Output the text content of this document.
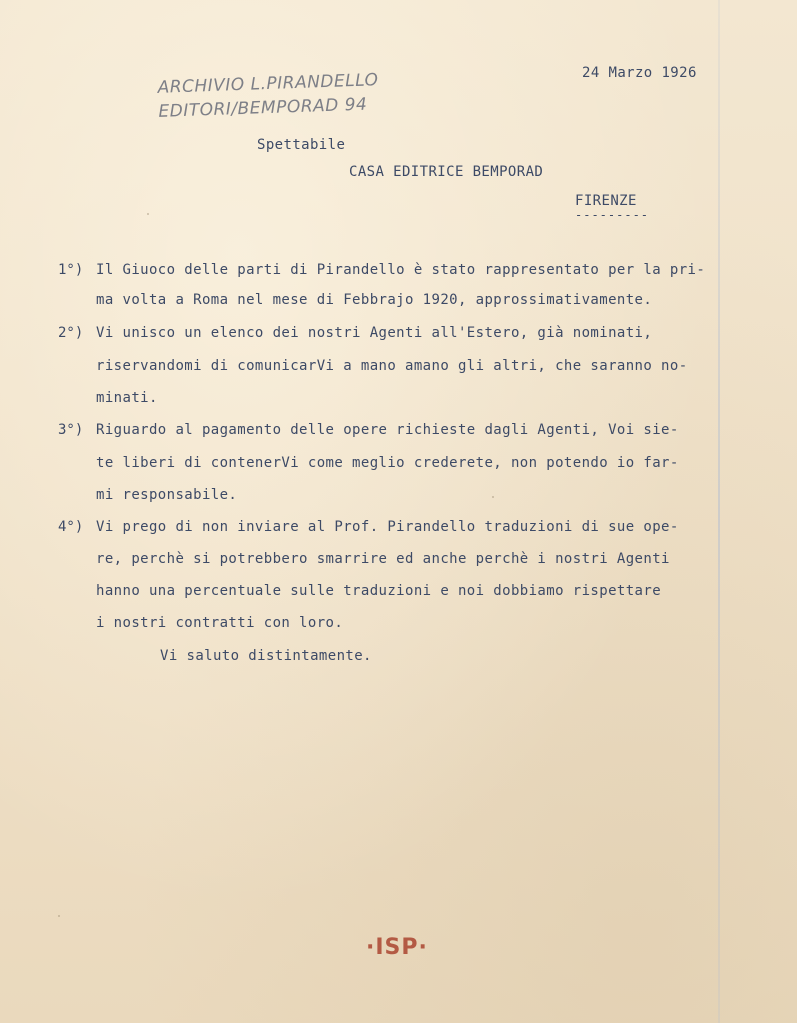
ARCHIVIO L.PIRANDELLO
EDITORI/BEMPORAD 94
24 Marzo 1926
Spettabile
CASA EDITRICE BEMPORAD
FIRENZE
---------
1°) Il Giuoco delle parti di Pirandello è stato rappresentato per la pri-
ma volta a Roma nel mese di Febbrajo 1920, approssimativamente.
2°) Vi unisco un elenco dei nostri Agenti all'Estero, già nominati,
riservandomi di comunicarVi a mano amano gli altri, che saranno no-
minati.
3°) Riguardo al pagamento delle opere richieste dagli Agenti, Voi sie-
te liberi di contenerVi come meglio crederete, non potendo io far-
mi responsabile.
4°) Vi prego di non inviare al Prof. Pirandello traduzioni di sue ope-
re, perchè si potrebbero smarrire ed anche perchè i nostri Agenti
hanno una percentuale sulle traduzioni e noi dobbiamo rispettare
i nostri contratti con loro.
Vi saluto distintamente.

·ISP·
